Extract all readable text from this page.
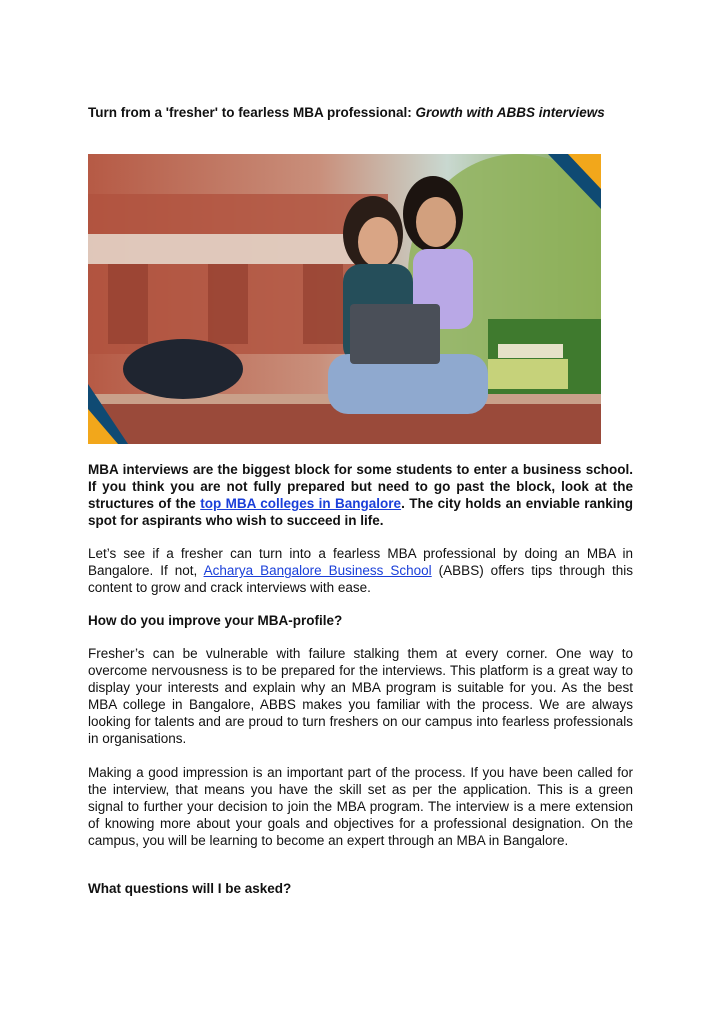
Turn from a 'fresher' to fearless MBA professional: Growth with ABBS interviews
MBA interviews are the biggest block for some students to enter a business school. If you think you are not fully prepared but need to go past the block, look at the structures of the top MBA colleges in Bangalore. The city holds an enviable ranking spot for aspirants who wish to succeed in life.
Let’s see if a fresher can turn into a fearless MBA professional by doing an MBA in Bangalore. If not, Acharya Bangalore Business School (ABBS) offers tips through this content to grow and crack interviews with ease.
How do you improve your MBA-profile?
Fresher’s can be vulnerable with failure stalking them at every corner. One way to overcome nervousness is to be prepared for the interviews. This platform is a great way to display your interests and explain why an MBA program is suitable for you. As the best MBA college in Bangalore, ABBS makes you familiar with the process. We are always looking for talents and are proud to turn freshers on our campus into fearless professionals in organisations.
Making a good impression is an important part of the process. If you have been called for the interview, that means you have the skill set as per the application. This is a green signal to further your decision to join the MBA program. The interview is a mere extension of knowing more about your goals and objectives for a professional designation. On the campus, you will be learning to become an expert through an MBA in Bangalore.
What questions will I be asked?
